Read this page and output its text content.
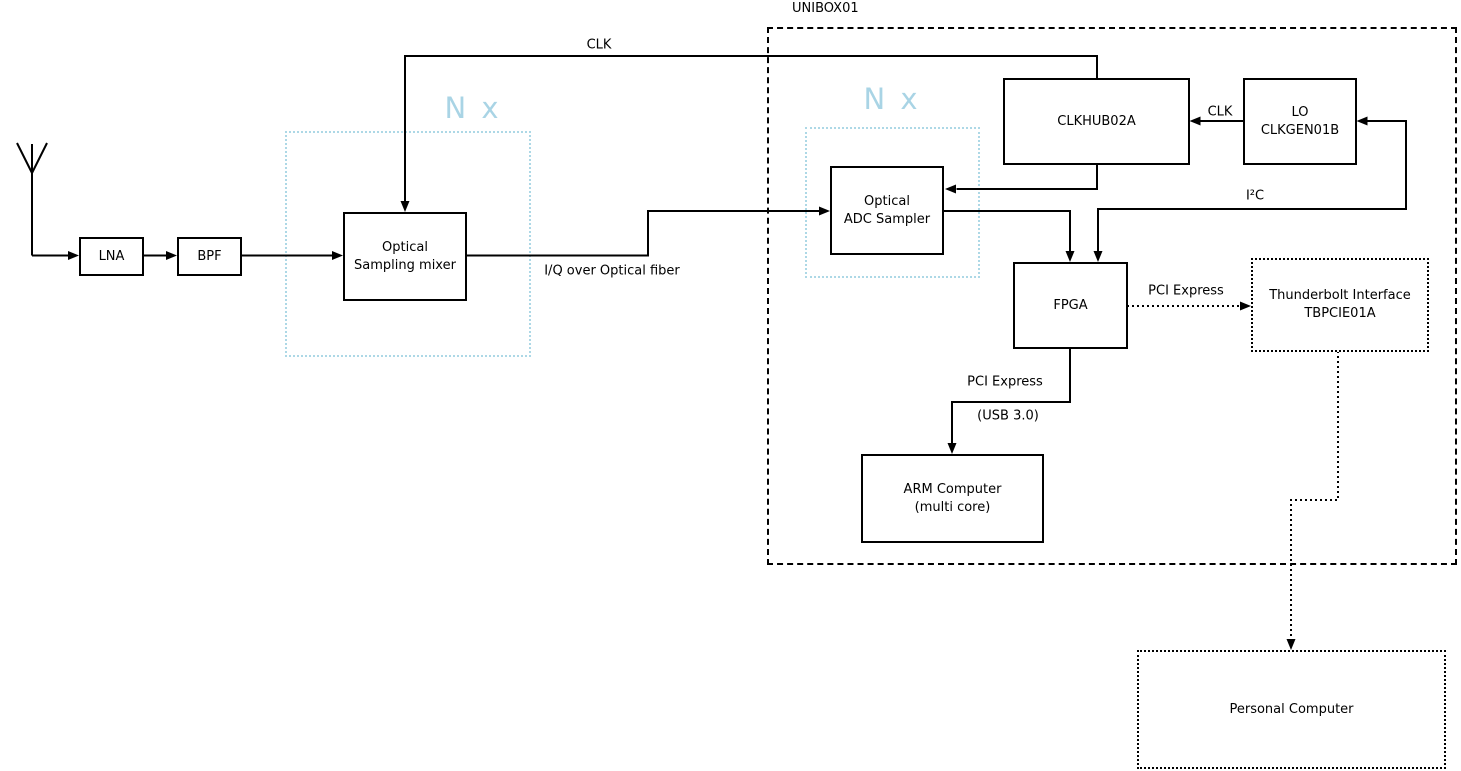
LNA	BPF
Optical
Sampling mixer
Optical
ADC Sampler
CLKHUB02A
LO
CLKGEN01B
FPGA
ARM Computer
(multi core)
Thunderbolt Interface
TBPCIE01A
Personal Computer
UNIBOX01
N x	N x
CLK
I/Q over Optical fiber
CLK
I²C
PCI Express
PCI Express
(USB 3.0)
